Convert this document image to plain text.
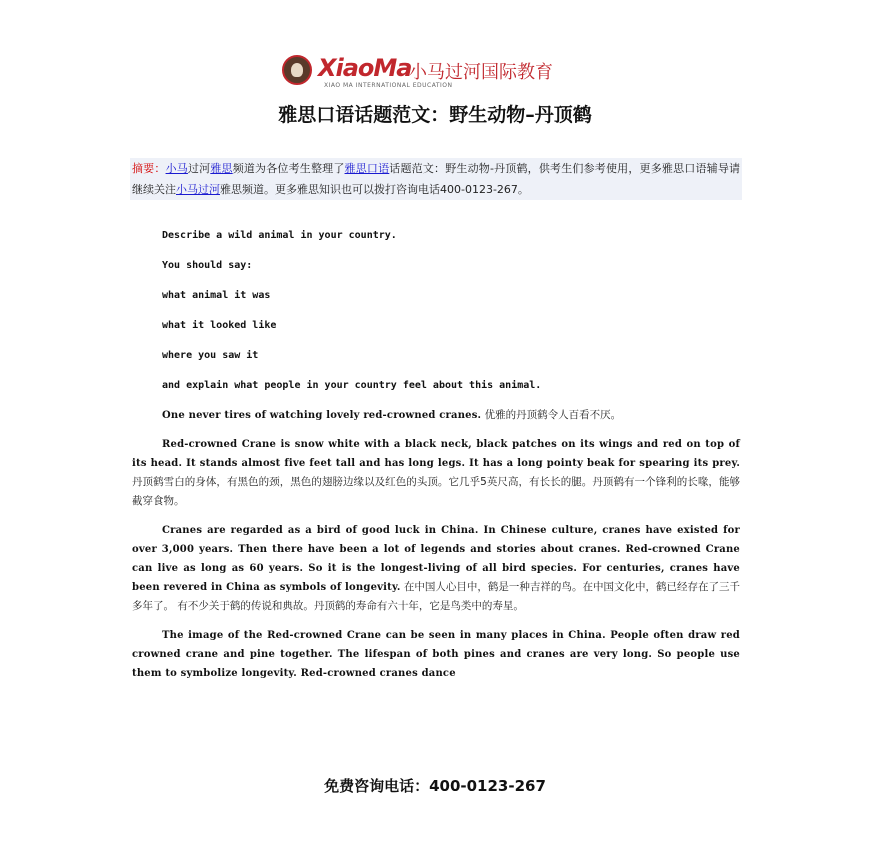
XiaoMa
小马过河国际教育
XIAO MA INTERNATIONAL EDUCATION
雅思口语话题范文：野生动物–丹顶鹤
摘要：小马过河雅思频道为各位考生整理了雅思口语话题范文：野生动物-丹顶鹤，供考生们参考使用，更多雅思口语辅导请继续关注小马过河雅思频道。更多雅思知识也可以拨打咨询电话400-0123-267。

Describe a wild animal in your country.

You should say:

what animal it was

what it looked like

where you saw it

and explain what people in your country feel about this animal.

One never tires of watching lovely red-crowned cranes. 优雅的丹顶鹤令人百看不厌。

Red-crowned Crane is snow white with a black neck, black patches on its wings and red on top of its head. It stands almost five feet tall and has long legs. It has a long pointy beak for spearing its prey. 丹顶鹤雪白的身体，有黑色的颈，黑色的翅膀边缘以及红色的头顶。它几乎5英尺高，有长长的腿。丹顶鹤有一个锋利的长喙，能够截穿食物。

Cranes are regarded as a bird of good luck in China. In Chinese culture, cranes have existed for over 3,000 years. Then there have been a lot of legends and stories about cranes. Red-crowned Crane can live as long as 60 years. So it is the longest-living of all bird species. For centuries, cranes have been revered in China as symbols of longevity. 在中国人心目中，鹤是一种吉祥的鸟。在中国文化中，鹤已经存在了三千多年了。 有不少关于鹤的传说和典故。丹顶鹤的寿命有六十年，它是鸟类中的寿星。

The image of the Red-crowned Crane can be seen in many places in China. People often draw red crowned crane and pine together. The lifespan of both pines and cranes are very long. So people use them to symbolize longevity. Red-crowned cranes dance

免费咨询电话：400-0123-267
